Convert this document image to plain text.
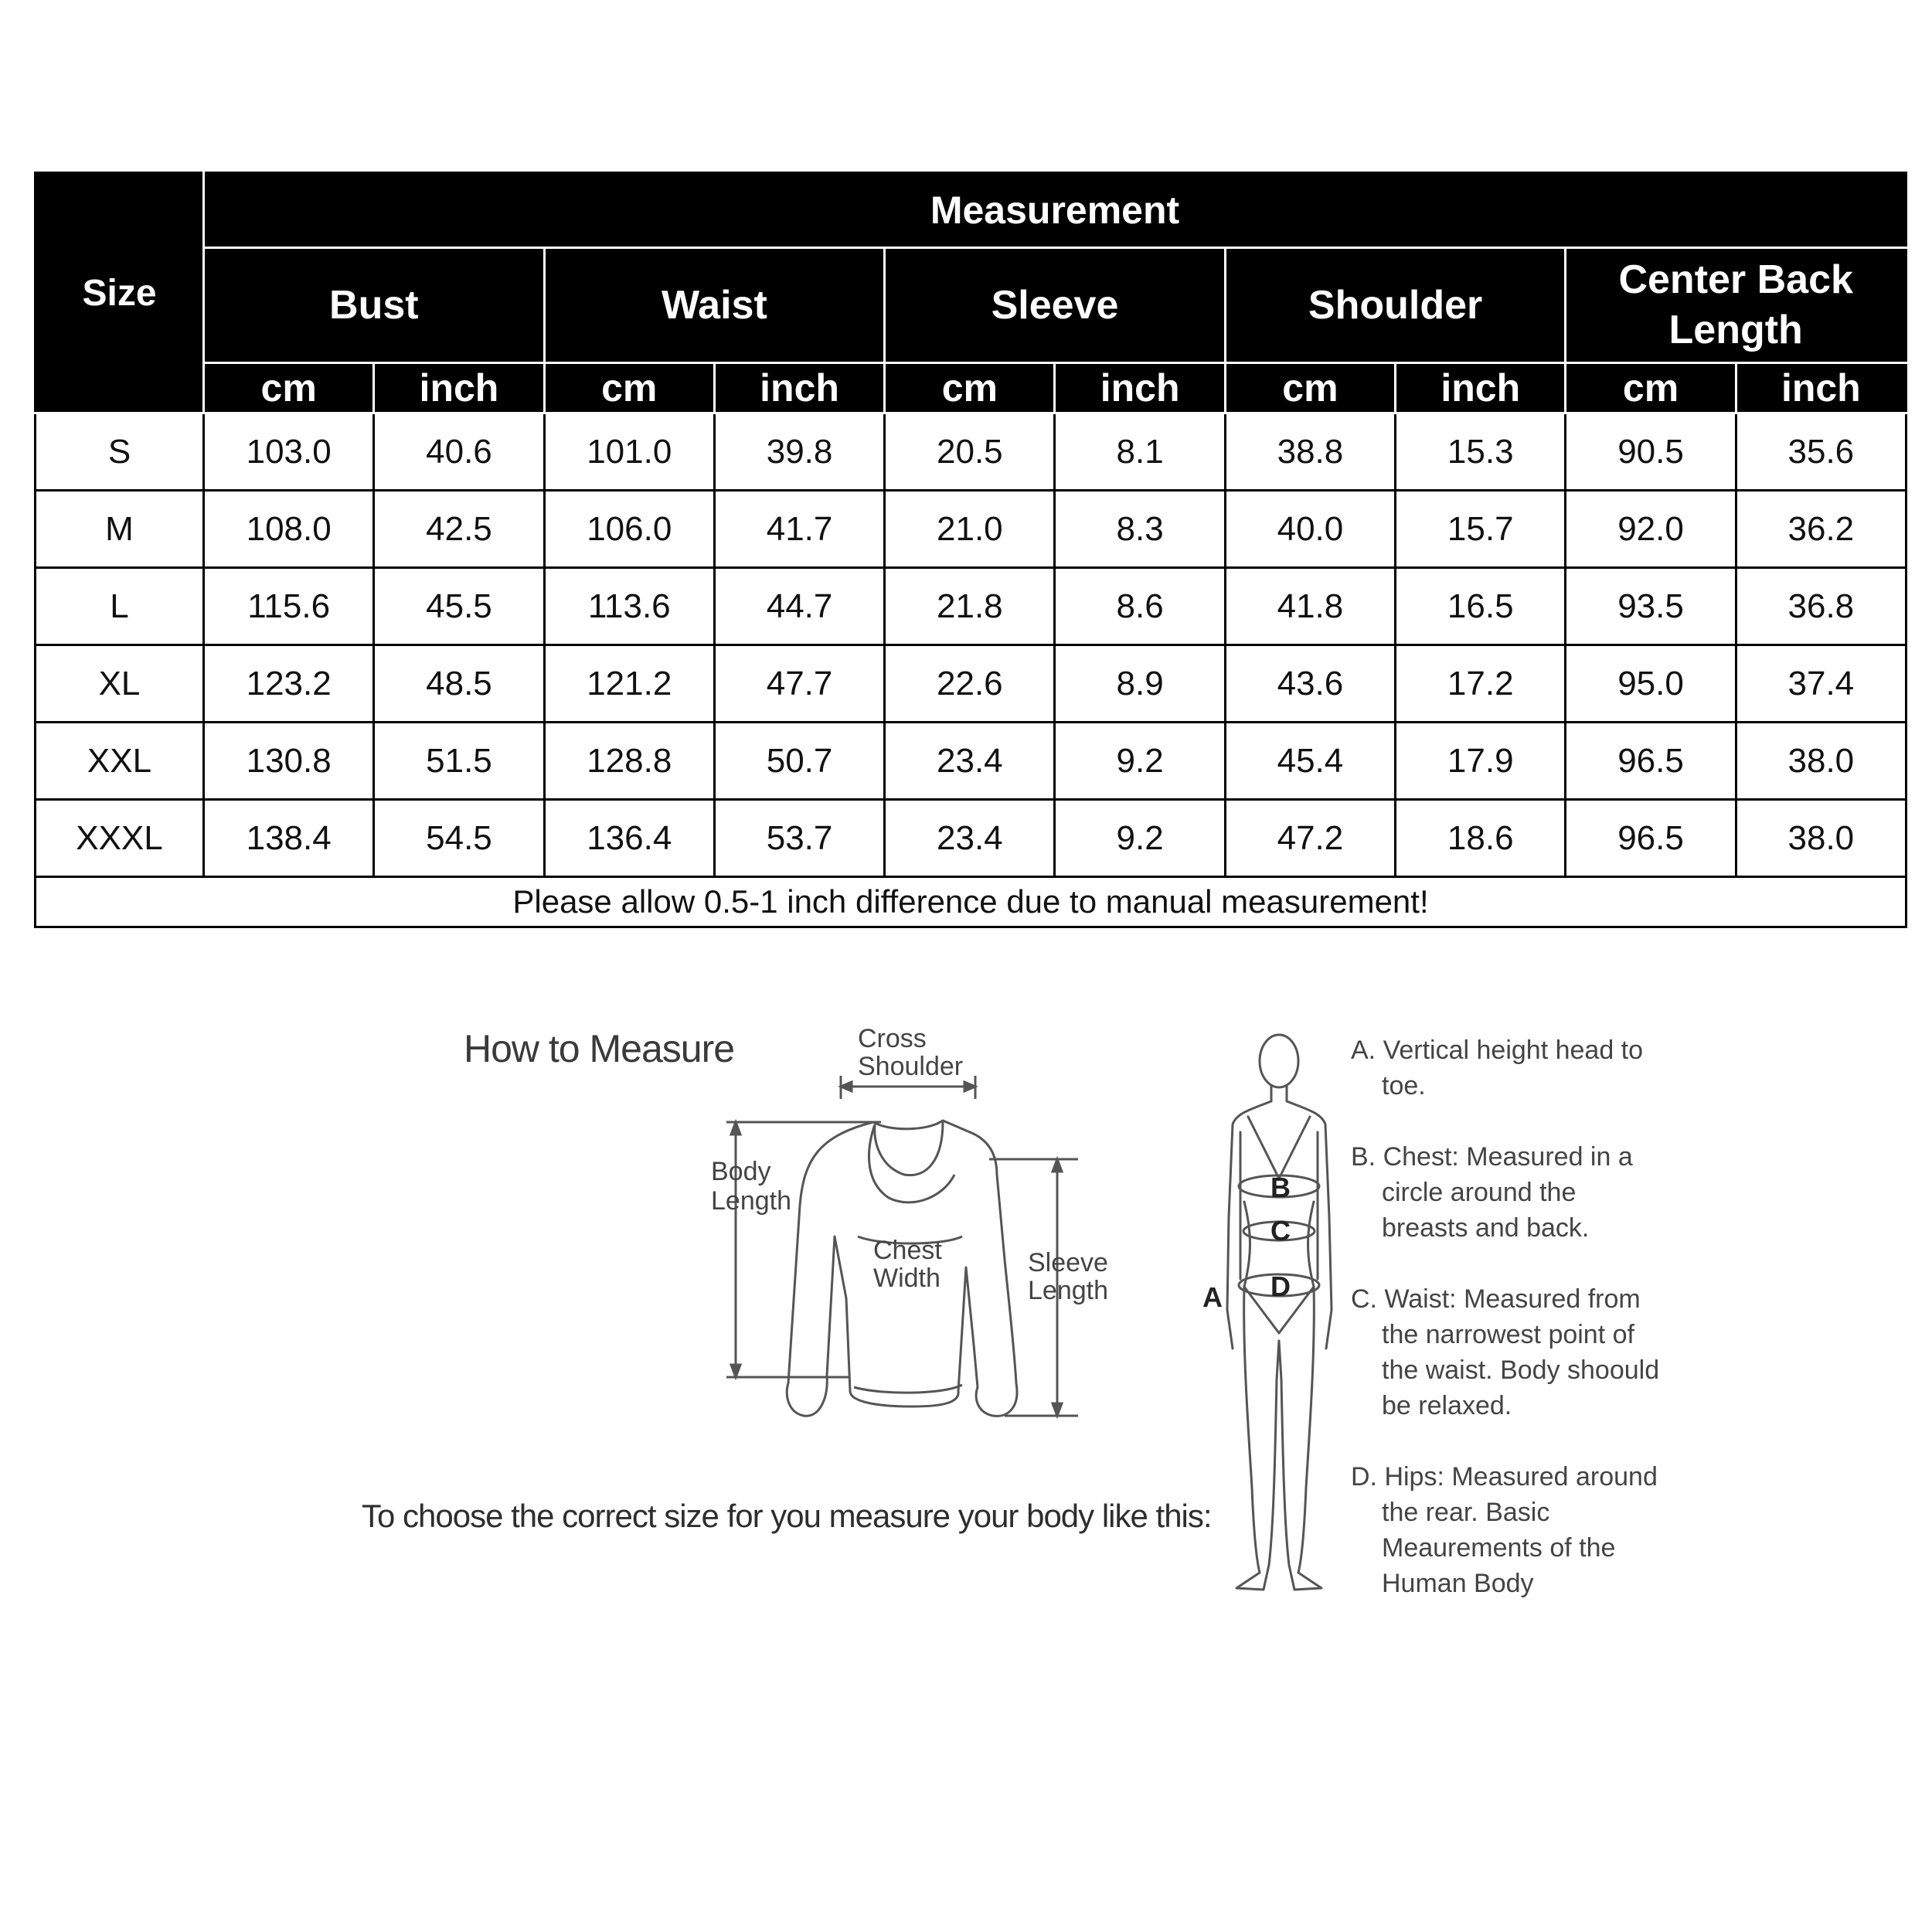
Size	Measurement									
	Bust		Waist		Sleeve		Shoulder		Center Back Length	
	cm	inch	cm	inch	cm	inch	cm	inch	cm	inch
S	103.0	40.6	101.0	39.8	20.5	8.1	38.8	15.3	90.5	35.6
M	108.0	42.5	106.0	41.7	21.0	8.3	40.0	15.7	92.0	36.2
L	115.6	45.5	113.6	44.7	21.8	8.6	41.8	16.5	93.5	36.8
XL	123.2	48.5	121.2	47.7	22.6	8.9	43.6	17.2	95.0	37.4
XXL	130.8	51.5	128.8	50.7	23.4	9.2	45.4	17.9	96.5	38.0
XXXL	138.4	54.5	136.4	53.7	23.4	9.2	47.2	18.6	96.5	38.0
Please allow 0.5-1 inch difference due to manual measurement!										
How to Measure	Cross
Shoulder
Body
Length
Chest
Width
Sleeve
Length
To choose the correct size for you measure your body like this:
B
C
D
A
A. Vertical height head to toe.
B. Chest: Measured in a circle around the breasts and back.
C. Waist: Measured from the narrowest point of the waist. Body shoould be relaxed.
D. Hips: Measured around the rear. Basic Meaurements of the Human Body
